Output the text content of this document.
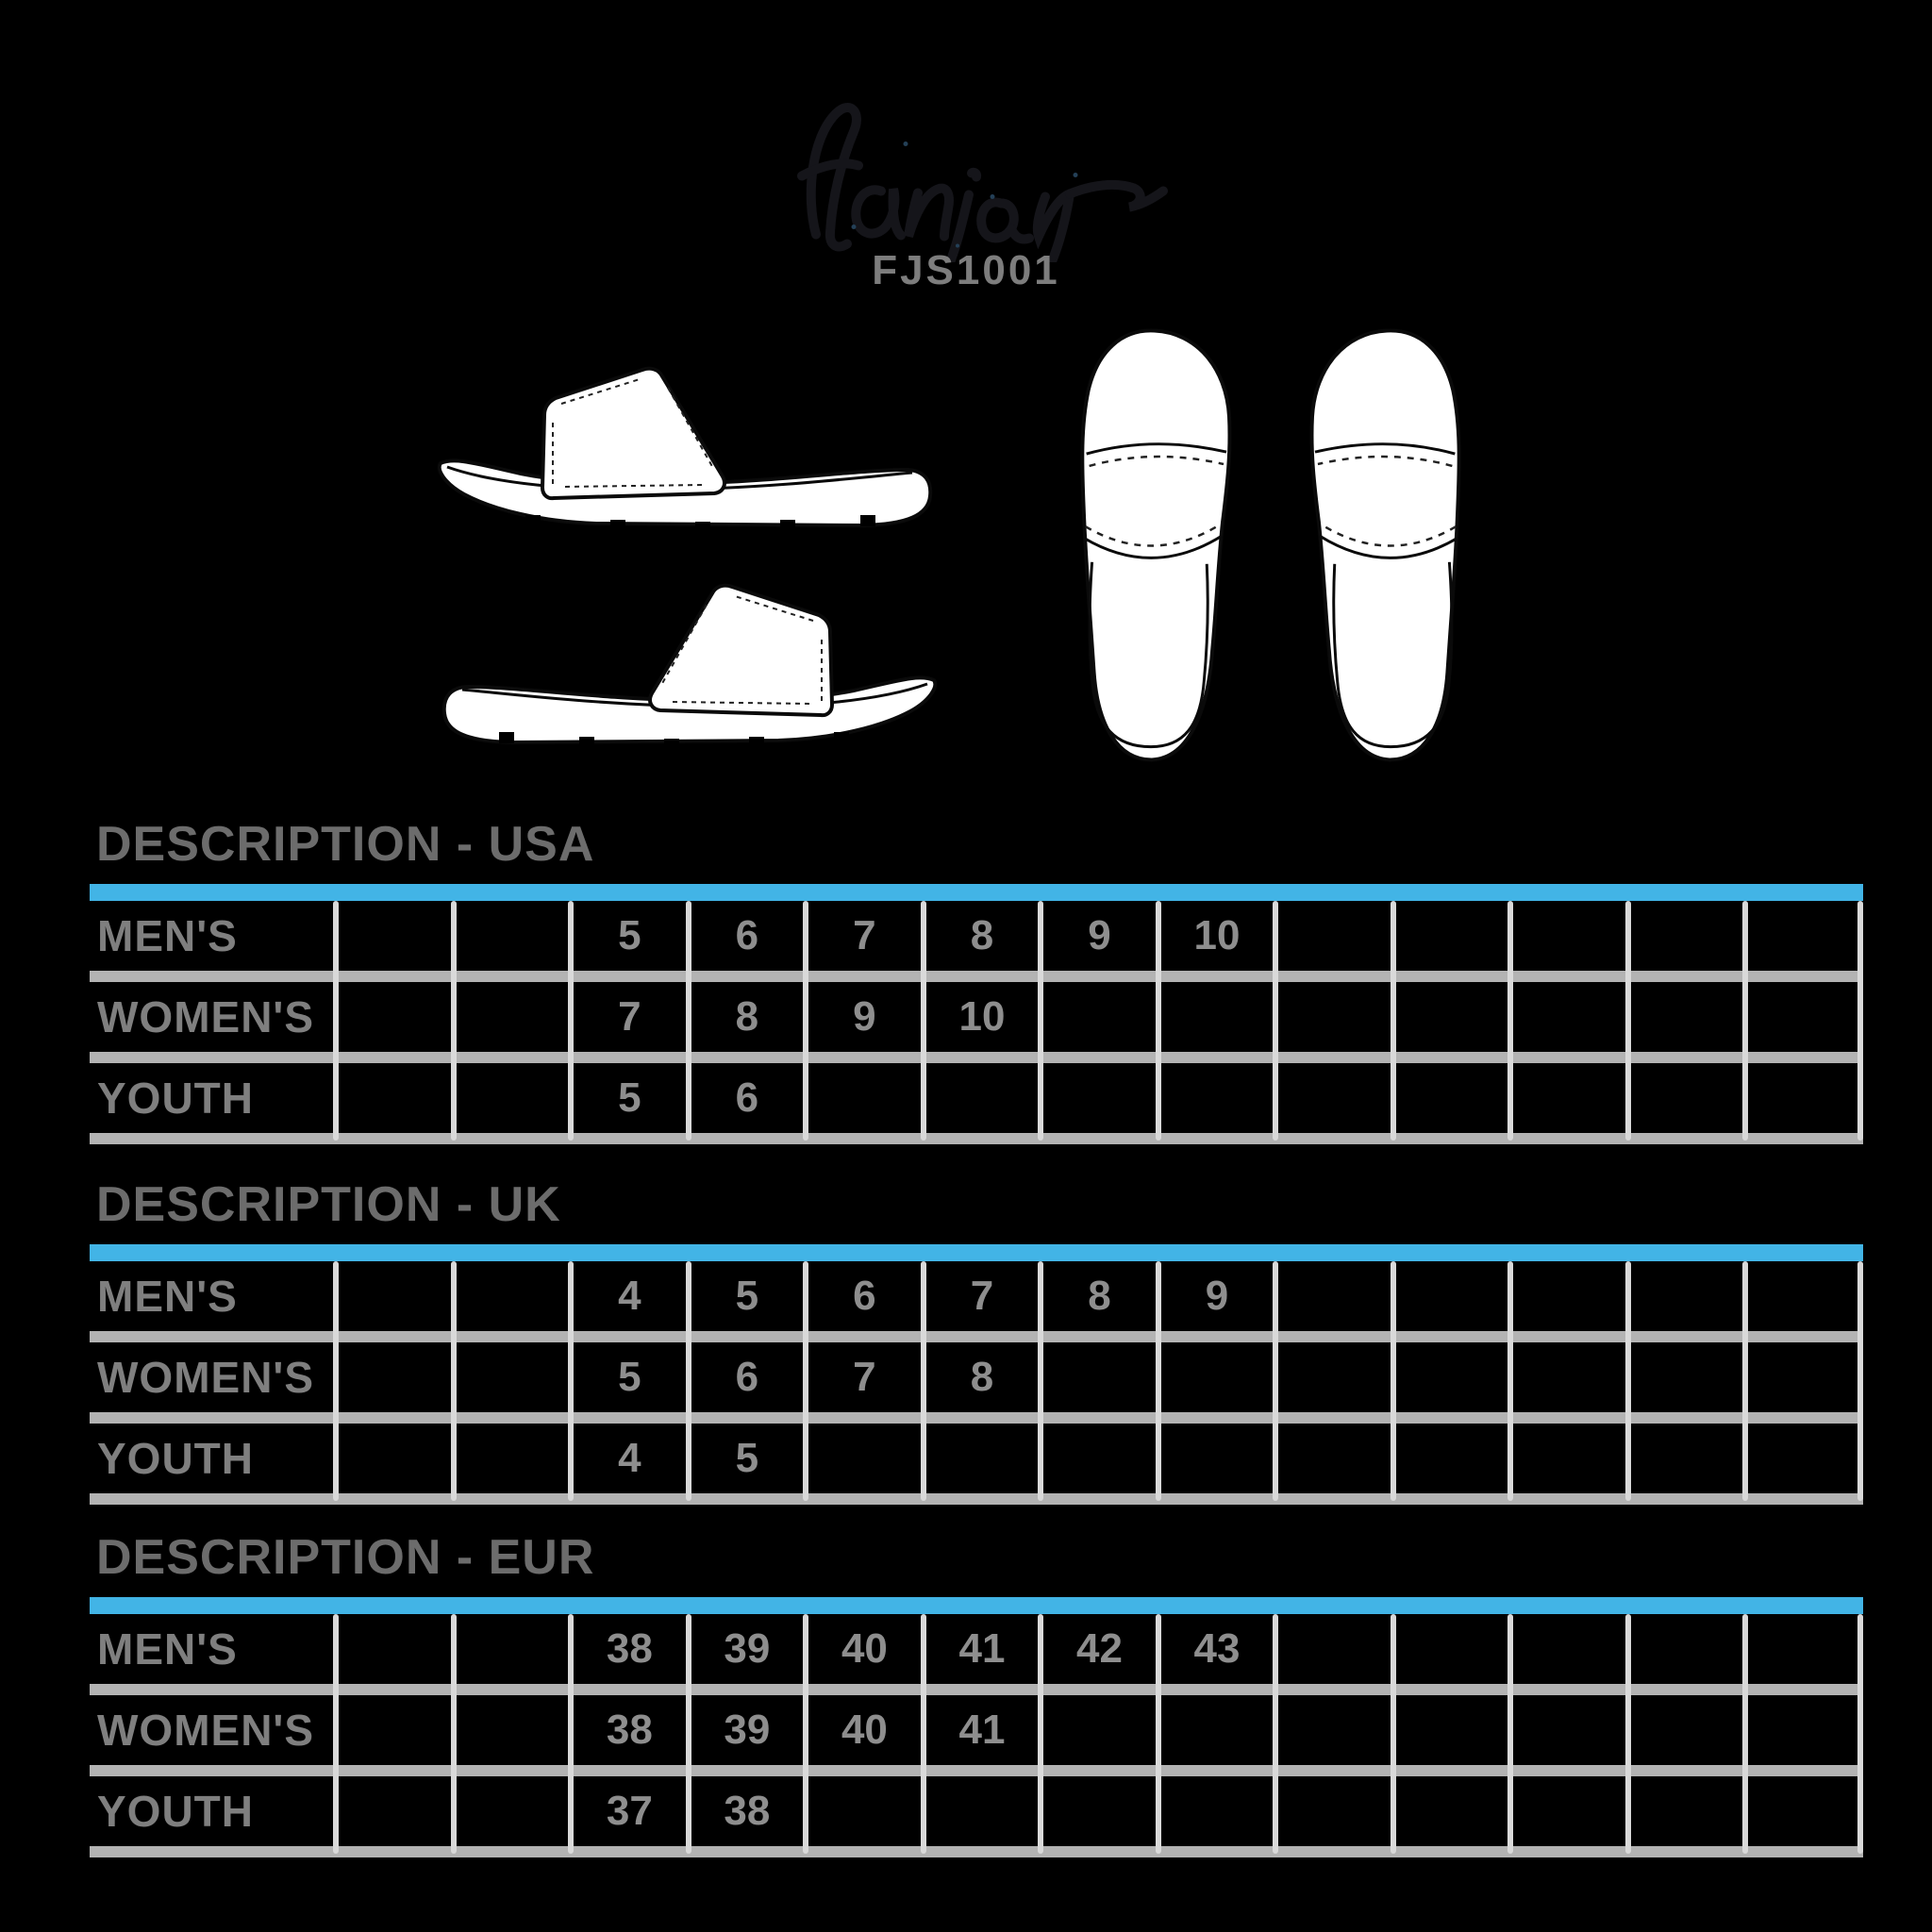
FJS1001
DESCRIPTION - USA
MEN'S	5	6	7	8	9	10
WOMEN'S	7	8	9	10
YOUTH	5	6
DESCRIPTION - UK
MEN'S	4	5	6	7	8	9
WOMEN'S	5	6	7	8
YOUTH	4	5
DESCRIPTION - EUR
MEN'S	38	39	40	41	42	43
WOMEN'S	38	39	40	41
YOUTH	37	38
